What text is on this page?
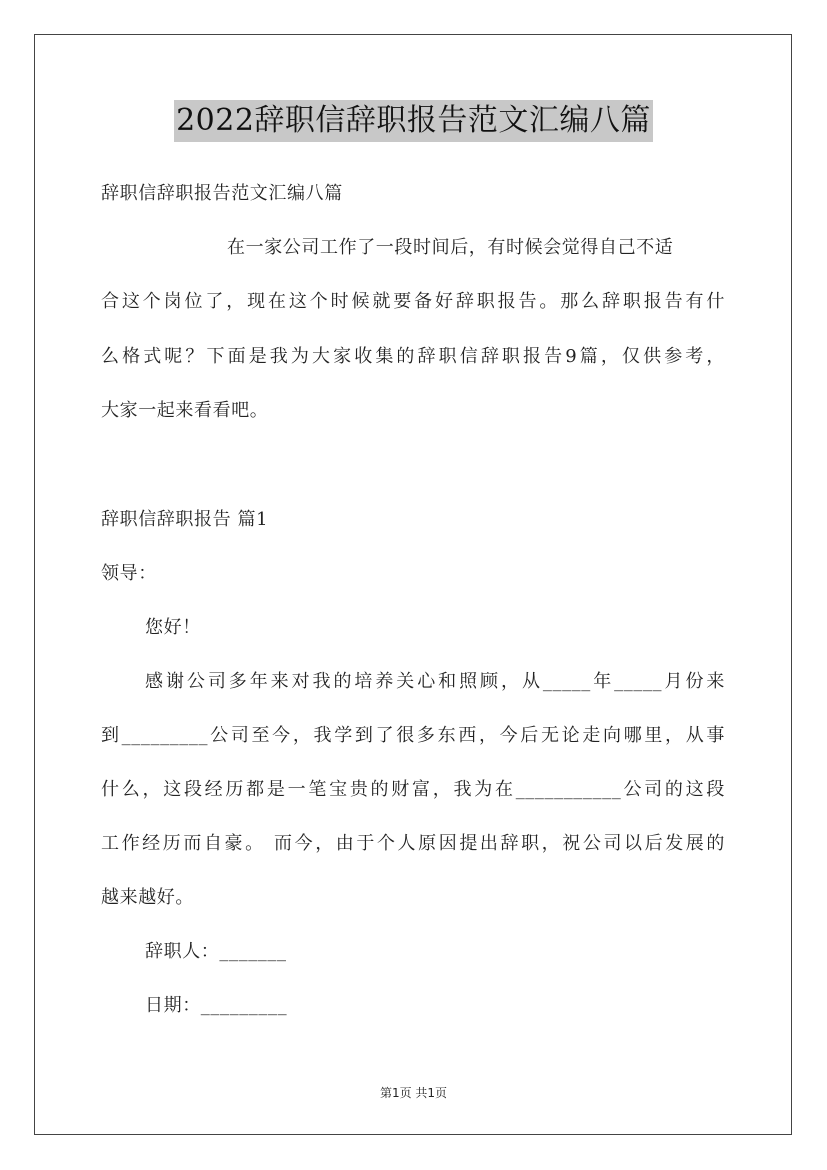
2022辞职信辞职报告范文汇编八篇
辞职信辞职报告范文汇编八篇
在一家公司工作了一段时间后，有时候会觉得自己不适
合这个岗位了，现在这个时候就要备好辞职报告。那么辞职报告有什
么格式呢？下面是我为大家收集的辞职信辞职报告9篇，仅供参考，
大家一起来看看吧。
辞职信辞职报告 篇1
领导：
您好！
感谢公司多年来对我的培养关心和照顾，从_____年_____月份来
到_________公司至今，我学到了很多东西，今后无论走向哪里，从事
什么，这段经历都是一笔宝贵的财富，我为在___________公司的这段
工作经历而自豪。 而今，由于个人原因提出辞职，祝公司以后发展的
越来越好。
辞职人：_______
日期：_________
第1页 共1页
